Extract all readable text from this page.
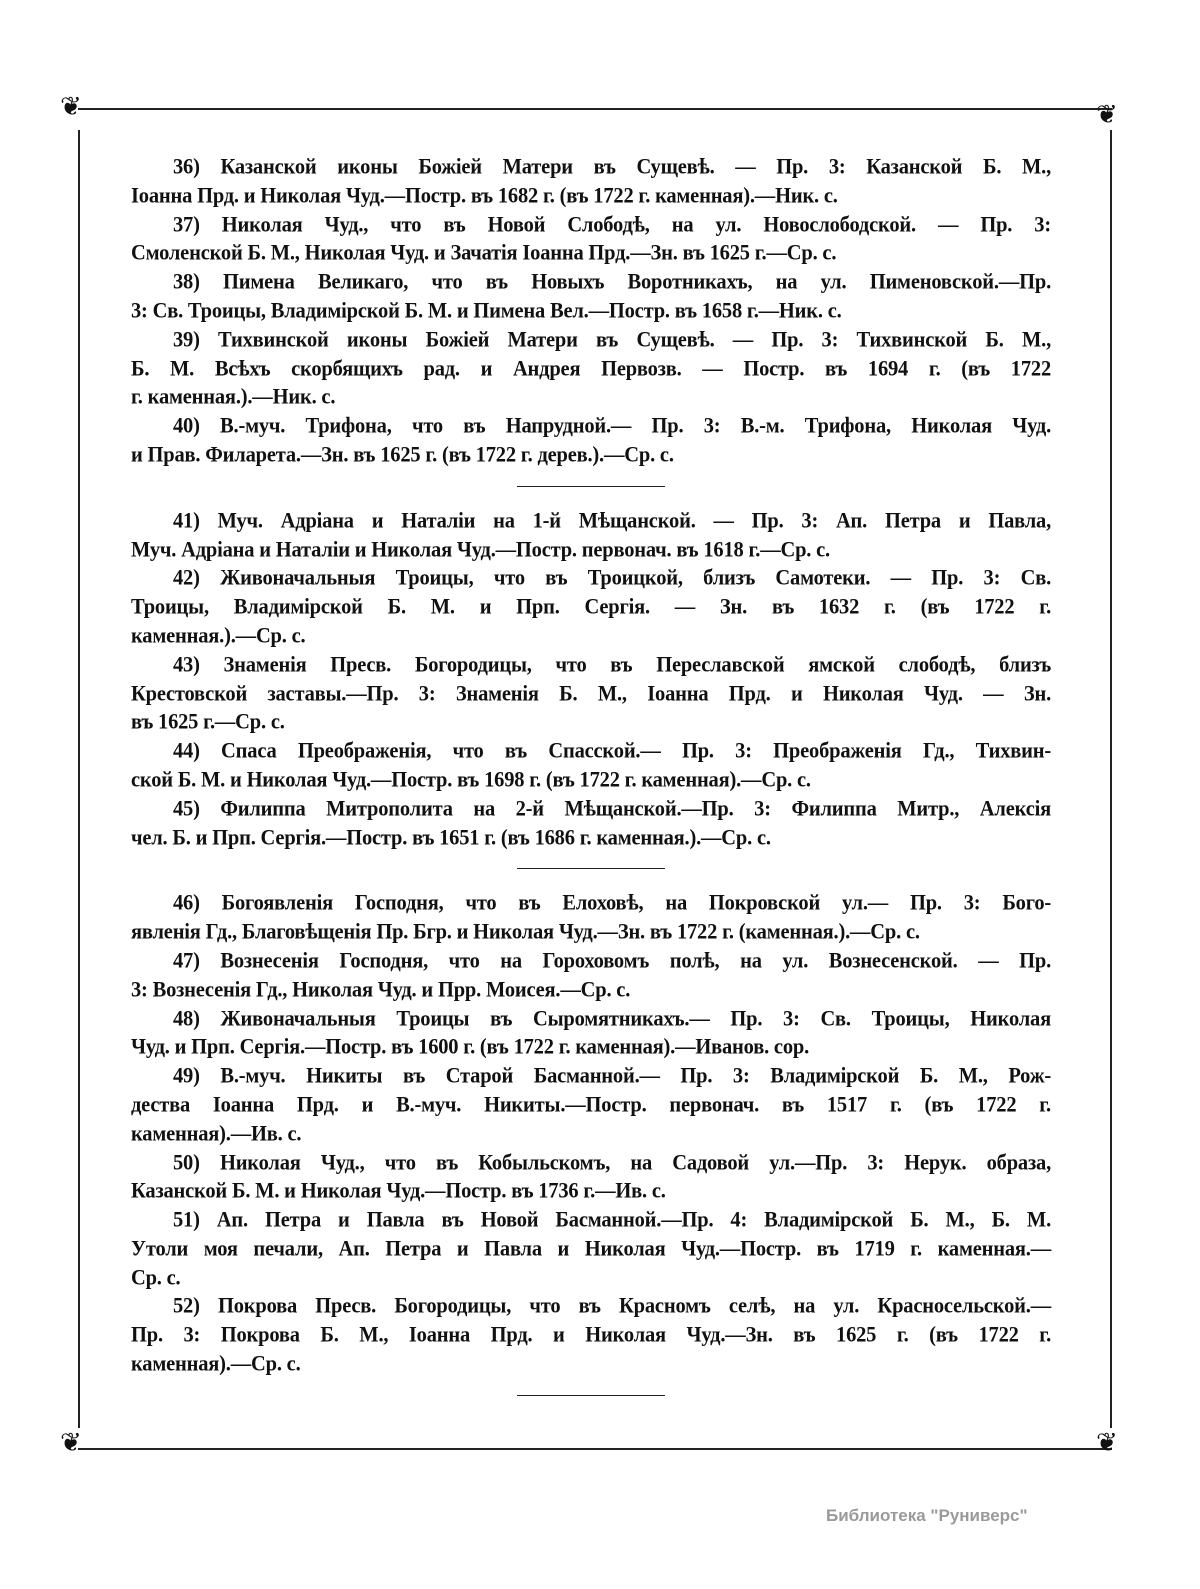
❦	❦
❦	❦
36) Казанской иконы Божіей Матери въ Сущевѣ. — Пр. 3: Казанской Б. М.,
Іоанна Прд. и Николая Чуд.—Постр. въ 1682 г. (въ 1722 г. каменная).—Ник. с.
37) Николая Чуд., что въ Новой Слободѣ, на ул. Новослободской. — Пр. 3:
Смоленской Б. М., Николая Чуд. и Зачатія Іоанна Прд.—Зн. въ 1625 г.—Ср. с.
38) Пимена Великаго, что въ Новыхъ Воротникахъ, на ул. Пименовской.—Пр.
3: Св. Троицы, Владимірской Б. М. и Пимена Вел.—Постр. въ 1658 г.—Ник. с.
39) Тихвинской иконы Божіей Матери въ Сущевѣ. — Пр. 3: Тихвинской Б. М.,
Б. М. Всѣхъ скорбящихъ рад. и Андрея Первозв. — Постр. въ 1694 г. (въ 1722
г. каменная.).—Ник. с.
40) В.-муч. Трифона, что въ Напрудной.— Пр. 3: В.-м. Трифона, Николая Чуд.
и Прав. Филарета.—Зн. въ 1625 г. (въ 1722 г. дерев.).—Ср. с.
41) Муч. Адріана и Наталіи на 1-й Мѣщанской. — Пр. 3: Ап. Петра и Павла,
Муч. Адріана и Наталіи и Николая Чуд.—Постр. первонач. въ 1618 г.—Ср. с.
42) Живоначальныя Троицы, что въ Троицкой, близъ Самотеки. — Пр. 3: Св.
Троицы, Владимірской Б. М. и Прп. Сергія. — Зн. въ 1632 г. (въ 1722 г.
каменная.).—Ср. с.
43) Знаменія Пресв. Богородицы, что въ Переславской ямской слободѣ, близъ
Крестовской заставы.—Пр. 3: Знаменія Б. М., Іоанна Прд. и Николая Чуд. — Зн.
въ 1625 г.—Ср. с.
44) Спаса Преображенія, что въ Спасской.— Пр. 3: Преображенія Гд., Тихвин-
ской Б. М. и Николая Чуд.—Постр. въ 1698 г. (въ 1722 г. каменная).—Ср. с.
45) Филиппа Митрополита на 2-й Мѣщанской.—Пр. 3: Филиппа Митр., Алексія
чел. Б. и Прп. Сергія.—Постр. въ 1651 г. (въ 1686 г. каменная.).—Ср. с.
46) Богоявленія Господня, что въ Елоховѣ, на Покровской ул.— Пр. 3: Бого-
явленія Гд., Благовѣщенія Пр. Бгр. и Николая Чуд.—Зн. въ 1722 г. (каменная.).—Ср. с.
47) Вознесенія Господня, что на Гороховомъ полѣ, на ул. Вознесенской. — Пр.
3: Вознесенія Гд., Николая Чуд. и Прр. Моисея.—Ср. с.
48) Живоначальныя Троицы въ Сыромятникахъ.— Пр. 3: Св. Троицы, Николая
Чуд. и Прп. Сергія.—Постр. въ 1600 г. (въ 1722 г. каменная).—Иванов. сор.
49) В.-муч. Никиты въ Старой Басманной.— Пр. 3: Владимірской Б. М., Рож-
дества Іоанна Прд. и В.-муч. Никиты.—Постр. первонач. въ 1517 г. (въ 1722 г.
каменная).—Ив. с.
50) Николая Чуд., что въ Кобыльскомъ, на Садовой ул.—Пр. 3: Нерук. образа,
Казанской Б. М. и Николая Чуд.—Постр. въ 1736 г.—Ив. с.
51) Ап. Петра и Павла въ Новой Басманной.—Пр. 4: Владимірской Б. М., Б. М.
Утоли моя печали, Ап. Петра и Павла и Николая Чуд.—Постр. въ 1719 г. каменная.—
Ср. с.
52) Покрова Пресв. Богородицы, что въ Красномъ селѣ, на ул. Красносельской.—
Пр. 3: Покрова Б. М., Іоанна Прд. и Николая Чуд.—Зн. въ 1625 г. (въ 1722 г.
каменная).—Ср. с.
Библиотека "Руниверс"
